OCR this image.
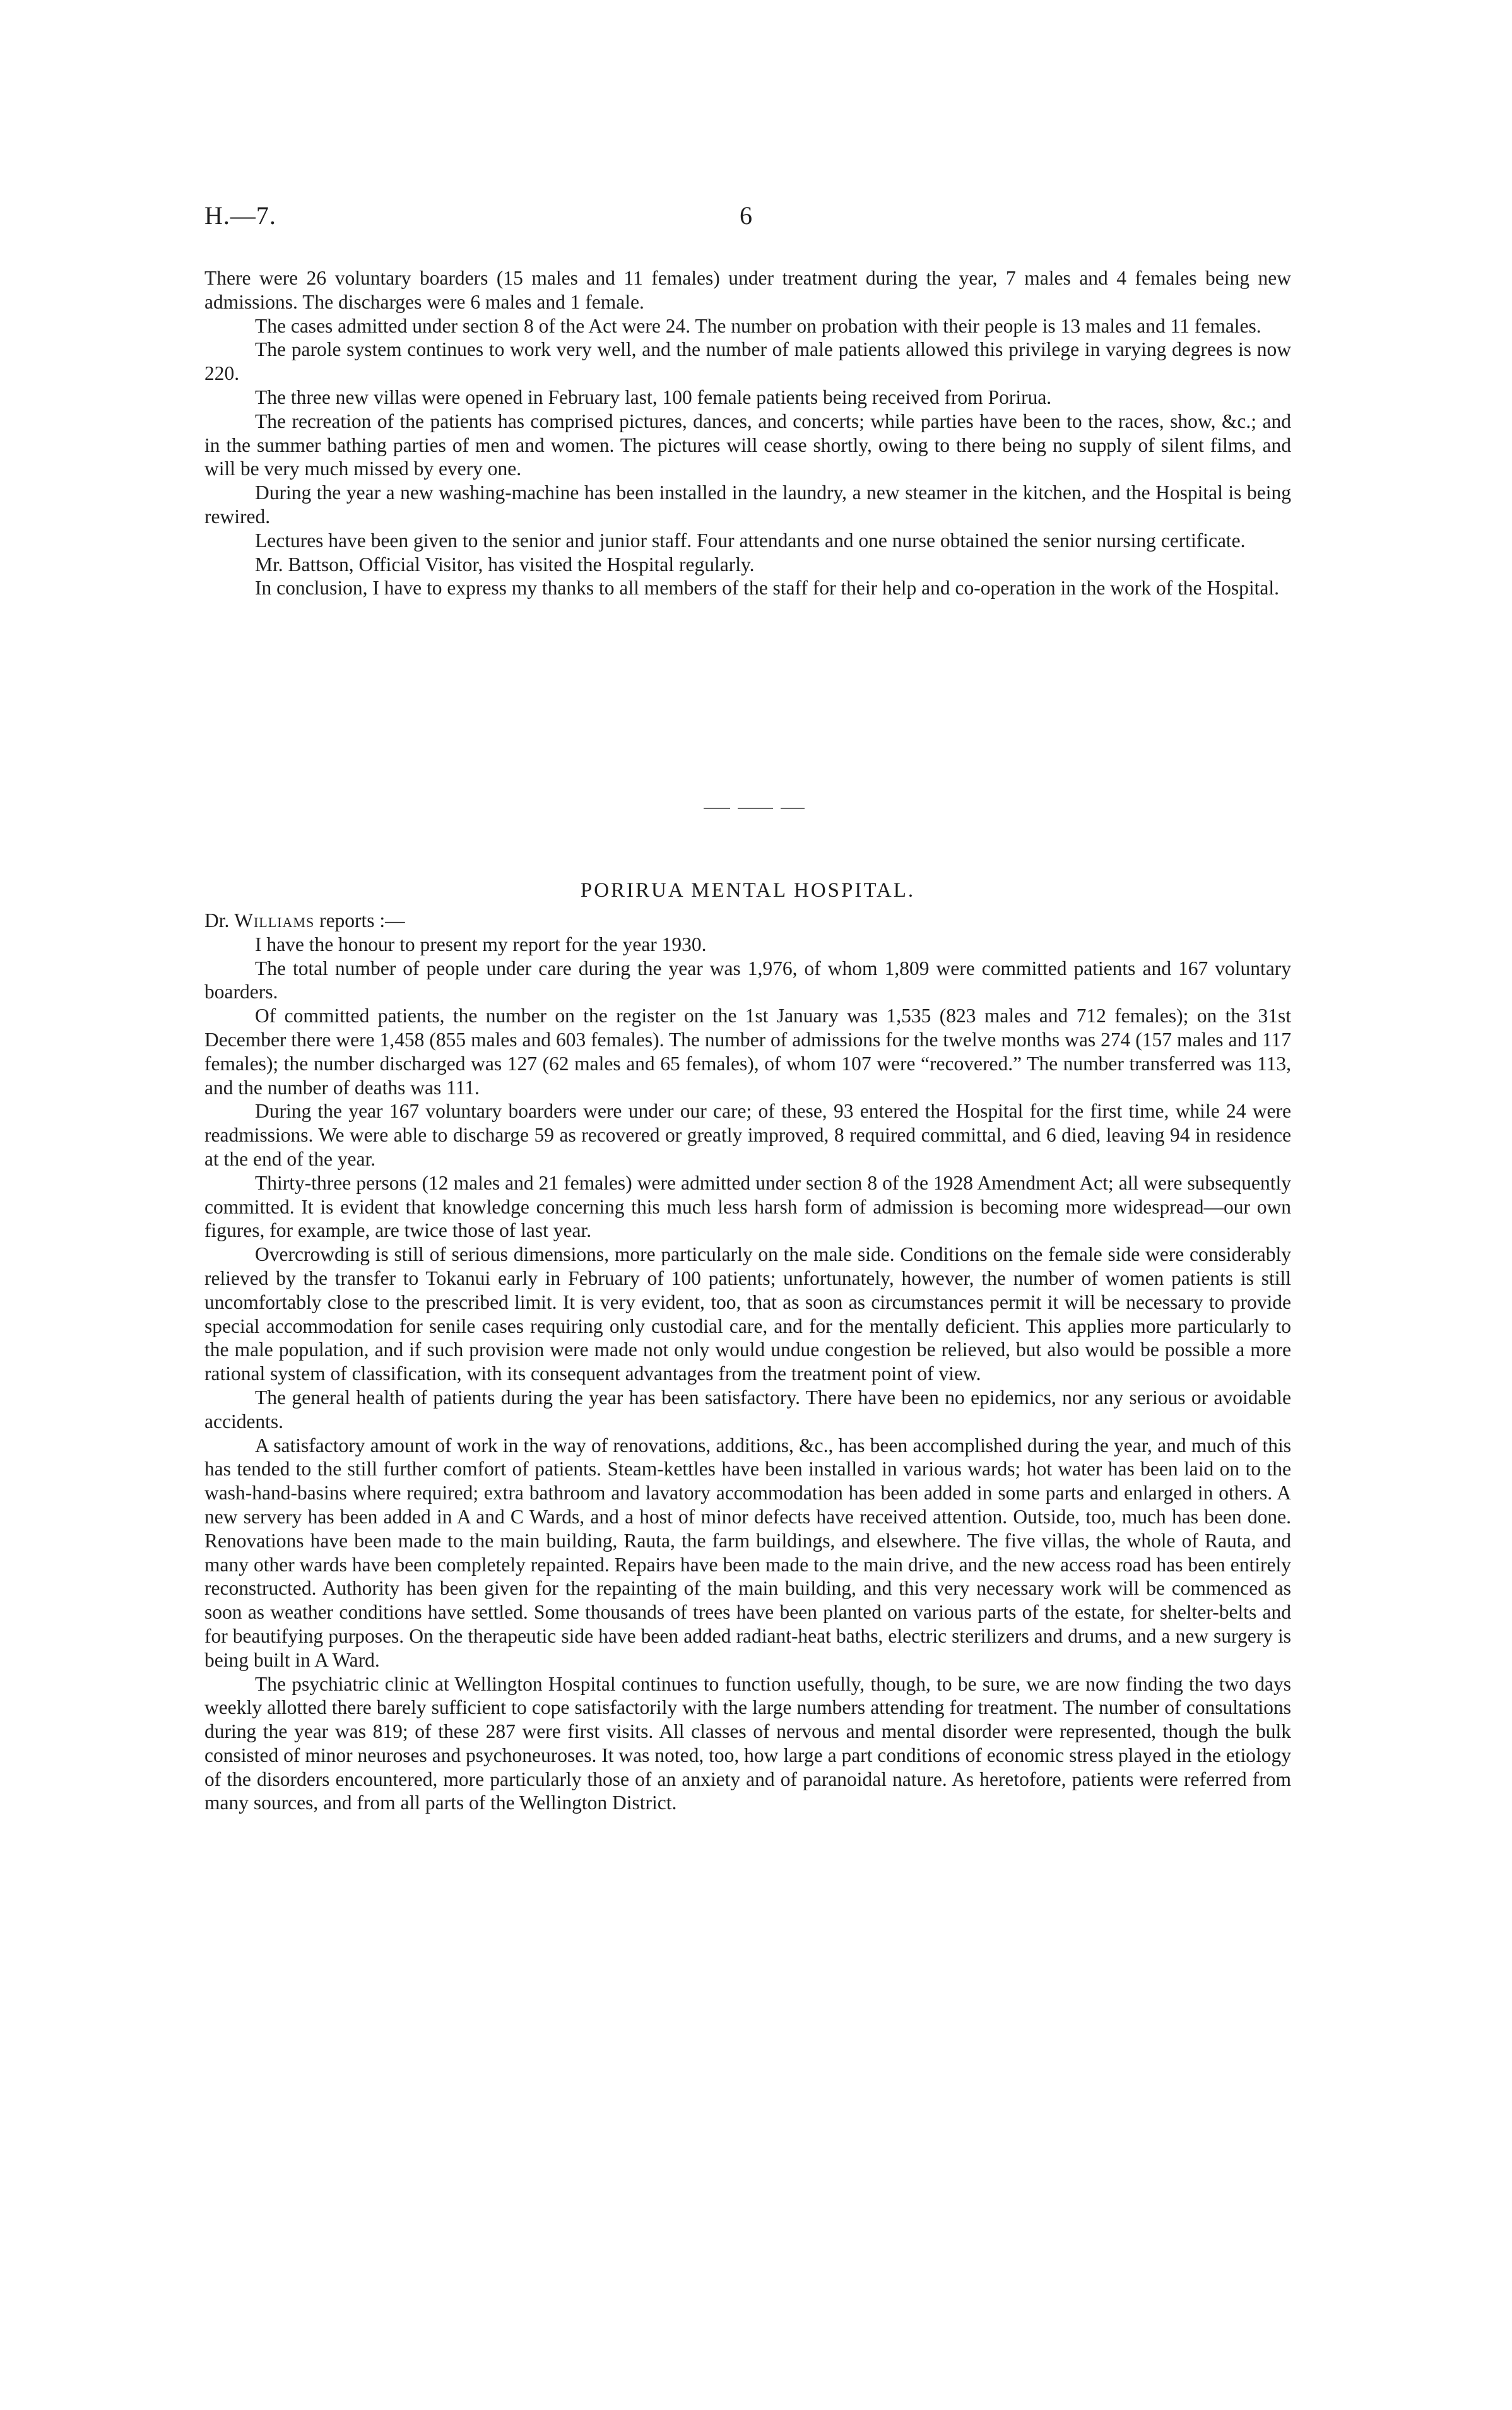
H.—7.	6

There were 26 voluntary boarders (15 males and 11 females) under treatment during the year, 7 males and 4 females being new admissions. The discharges were 6 males and 1 female.

The cases admitted under section 8 of the Act were 24. The number on probation with their people is 13 males and 11 females.

The parole system continues to work very well, and the number of male patients allowed this privilege in varying degrees is now 220.

The three new villas were opened in February last, 100 female patients being received from Porirua.

The recreation of the patients has comprised pictures, dances, and concerts; while parties have been to the races, show, &c.; and in the summer bathing parties of men and women. The pictures will cease shortly, owing to there being no supply of silent films, and will be very much missed by every one.

During the year a new washing-machine has been installed in the laundry, a new steamer in the kitchen, and the Hospital is being rewired.

Lectures have been given to the senior and junior staff. Four attendants and one nurse obtained the senior nursing certificate.

Mr. Battson, Official Visitor, has visited the Hospital regularly.

In conclusion, I have to express my thanks to all members of the staff for their help and co-operation in the work of the Hospital.

PORIRUA MENTAL HOSPITAL.

Dr. Williams reports :—

I have the honour to present my report for the year 1930.

The total number of people under care during the year was 1,976, of whom 1,809 were committed patients and 167 voluntary boarders.

Of committed patients, the number on the register on the 1st January was 1,535 (823 males and 712 females); on the 31st December there were 1,458 (855 males and 603 females). The number of admissions for the twelve months was 274 (157 males and 117 females); the number discharged was 127 (62 males and 65 females), of whom 107 were “recovered.” The number transferred was 113, and the number of deaths was 111.

During the year 167 voluntary boarders were under our care; of these, 93 entered the Hospital for the first time, while 24 were readmissions. We were able to discharge 59 as recovered or greatly improved, 8 required committal, and 6 died, leaving 94 in residence at the end of the year.

Thirty-three persons (12 males and 21 females) were admitted under section 8 of the 1928 Amendment Act; all were subsequently committed. It is evident that knowledge concerning this much less harsh form of admission is becoming more widespread—our own figures, for example, are twice those of last year.

Overcrowding is still of serious dimensions, more particularly on the male side. Conditions on the female side were considerably relieved by the transfer to Tokanui early in February of 100 patients; unfortunately, however, the number of women patients is still uncomfortably close to the prescribed limit. It is very evident, too, that as soon as circumstances permit it will be necessary to provide special accommodation for senile cases requiring only custodial care, and for the mentally deficient. This applies more particularly to the male population, and if such provision were made not only would undue congestion be relieved, but also would be possible a more rational system of classification, with its consequent advantages from the treatment point of view.

The general health of patients during the year has been satisfactory. There have been no epidemics, nor any serious or avoidable accidents.

A satisfactory amount of work in the way of renovations, additions, &c., has been accomplished during the year, and much of this has tended to the still further comfort of patients. Steam-kettles have been installed in various wards; hot water has been laid on to the wash-hand-basins where required; extra bathroom and lavatory accommodation has been added in some parts and enlarged in others. A new servery has been added in A and C Wards, and a host of minor defects have received attention. Outside, too, much has been done. Renovations have been made to the main building, Rauta, the farm buildings, and elsewhere. The five villas, the whole of Rauta, and many other wards have been completely repainted. Repairs have been made to the main drive, and the new access road has been entirely reconstructed. Authority has been given for the repainting of the main building, and this very necessary work will be commenced as soon as weather conditions have settled. Some thousands of trees have been planted on various parts of the estate, for shelter-belts and for beautifying purposes. On the therapeutic side have been added radiant-heat baths, electric sterilizers and drums, and a new surgery is being built in A Ward.

The psychiatric clinic at Wellington Hospital continues to function usefully, though, to be sure, we are now finding the two days weekly allotted there barely sufficient to cope satisfactorily with the large numbers attending for treatment. The number of consultations during the year was 819; of these 287 were first visits. All classes of nervous and mental disorder were represented, though the bulk consisted of minor neuroses and psychoneuroses. It was noted, too, how large a part conditions of economic stress played in the etiology of the disorders encountered, more particularly those of an anxiety and of paranoidal nature. As heretofore, patients were referred from many sources, and from all parts of the Wellington District.
